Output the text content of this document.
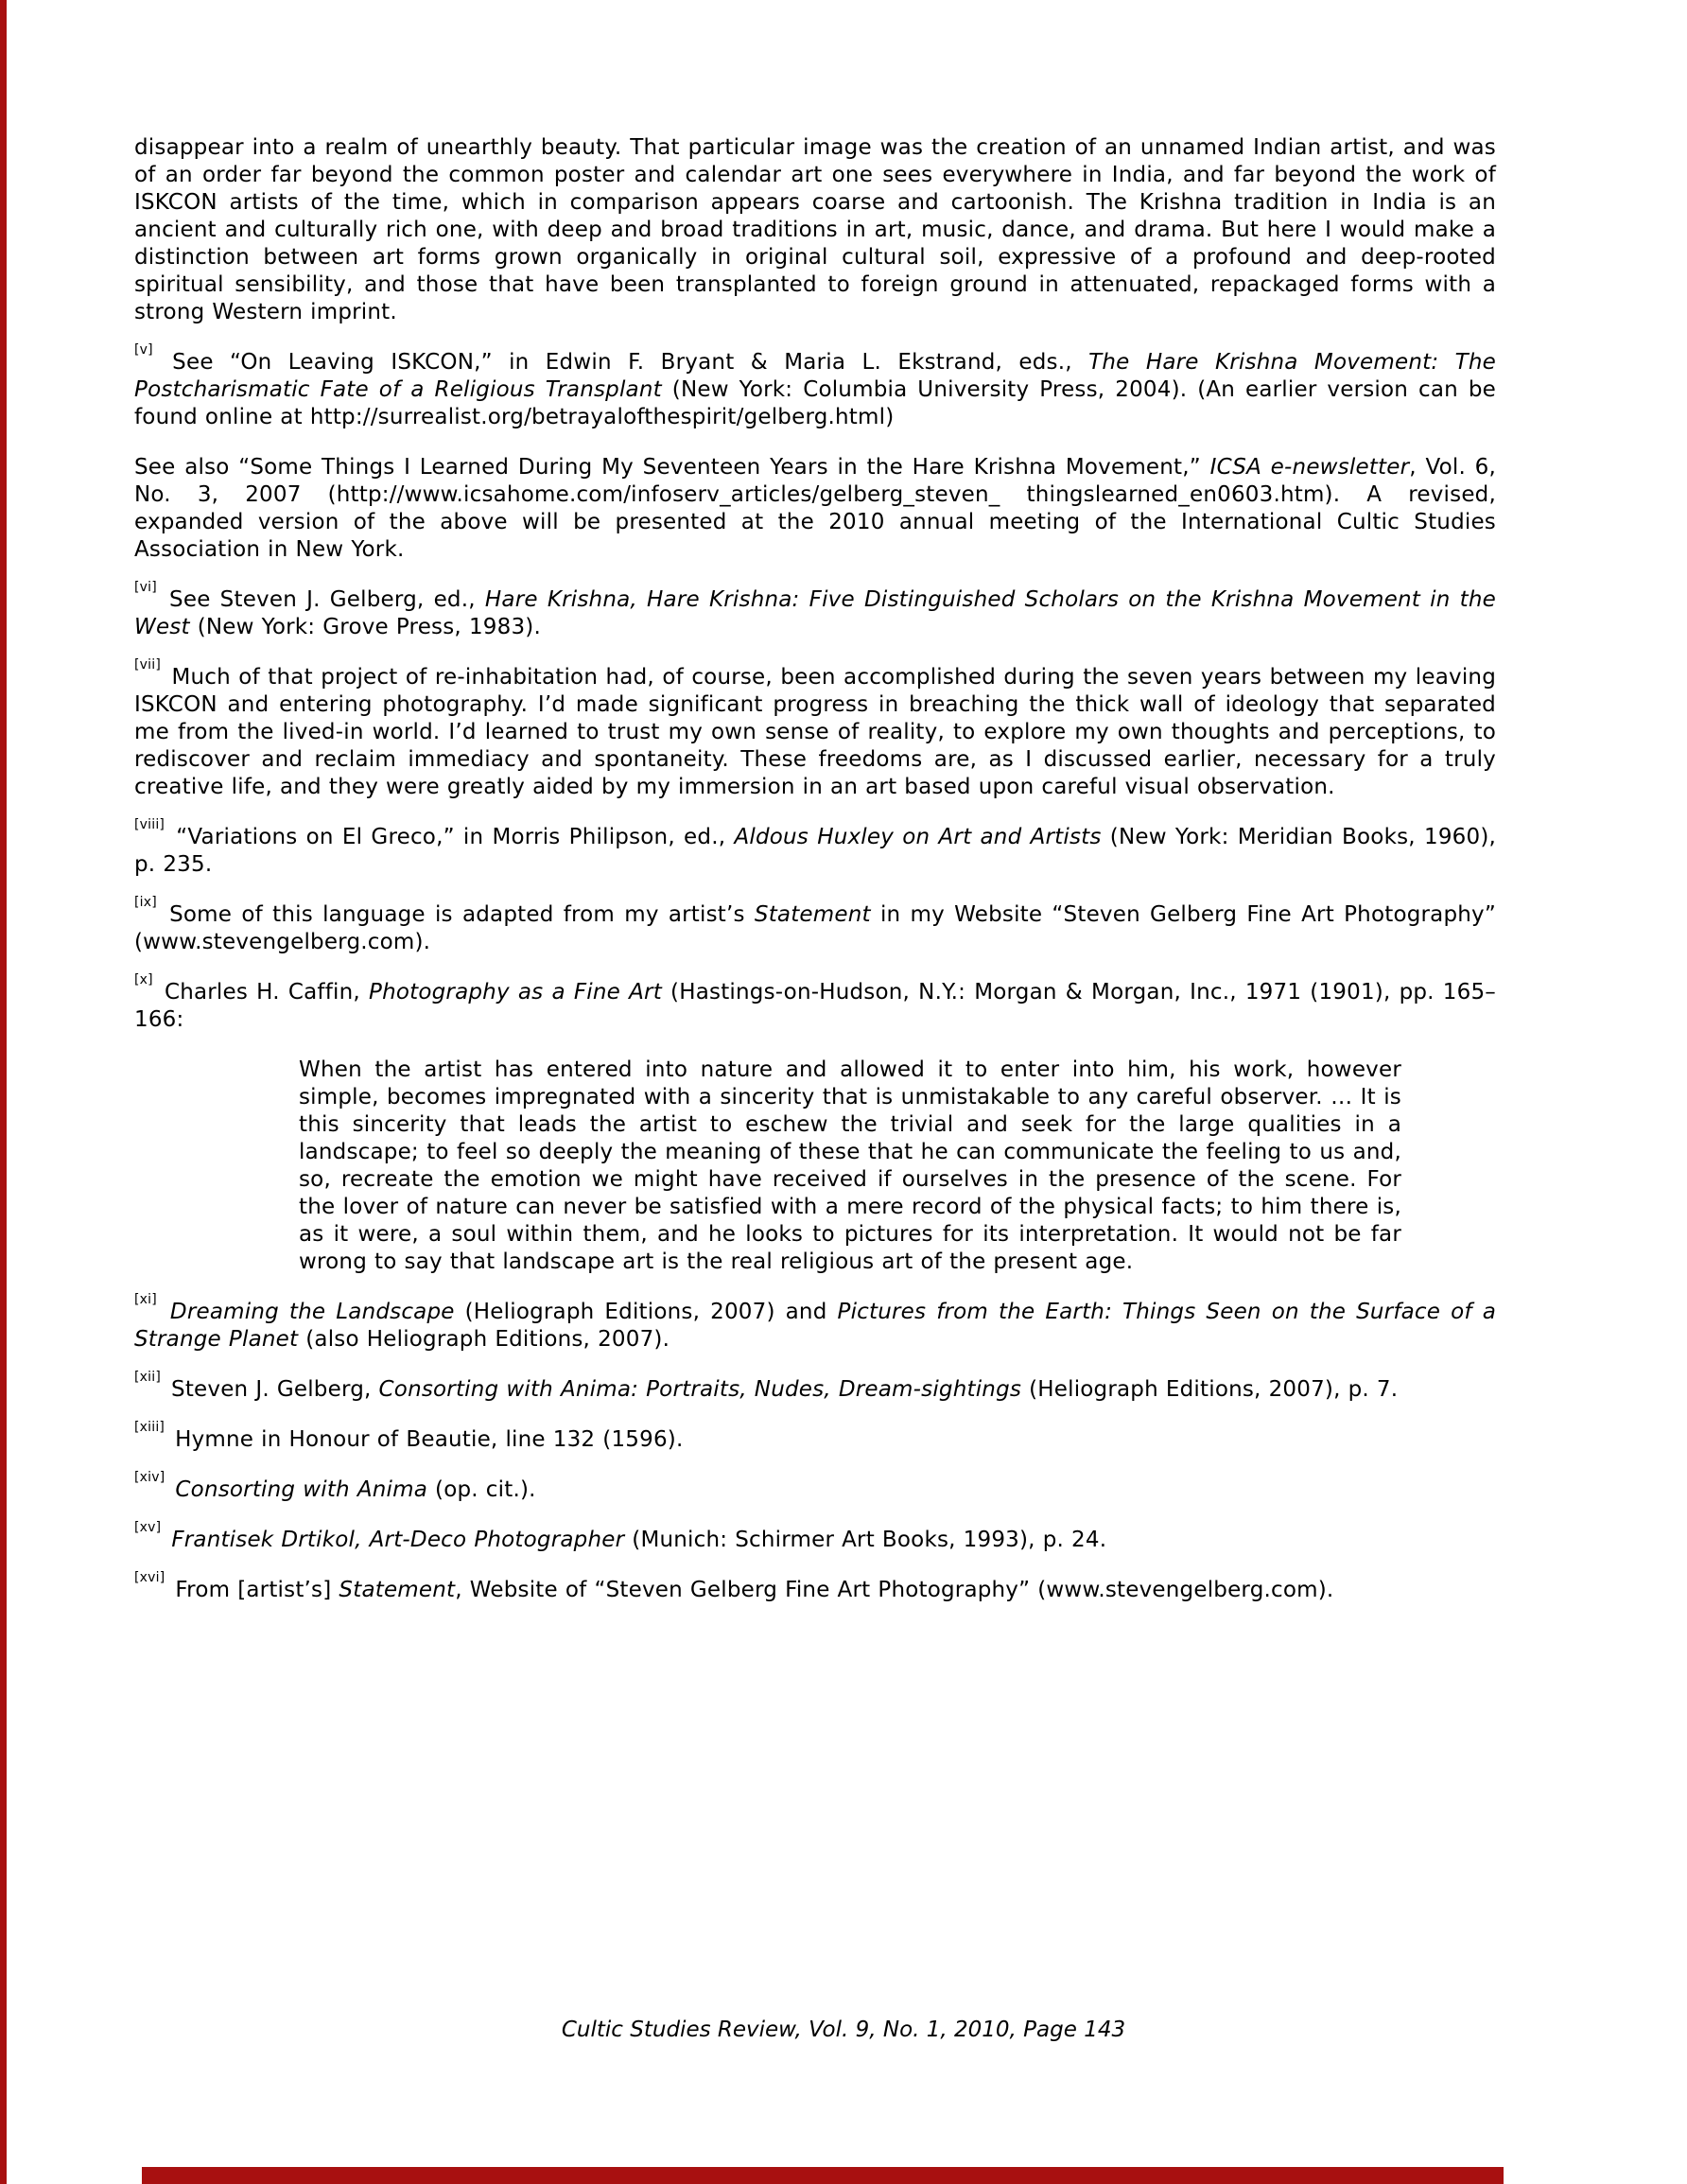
disappear into a realm of unearthly beauty. That particular image was the creation of an unnamed Indian artist, and was of an order far beyond the common poster and calendar art one sees everywhere in India, and far beyond the work of ISKCON artists of the time, which in comparison appears coarse and cartoonish. The Krishna tradition in India is an ancient and culturally rich one, with deep and broad traditions in art, music, dance, and drama. But here I would make a distinction between art forms grown organically in original cultural soil, expressive of a profound and deep-rooted spiritual sensibility, and those that have been transplanted to foreign ground in attenuated, repackaged forms with a strong Western imprint.

[v] See “On Leaving ISKCON,” in Edwin F. Bryant & Maria L. Ekstrand, eds., The Hare Krishna Movement: The Postcharismatic Fate of a Religious Transplant (New York: Columbia University Press, 2004). (An earlier version can be found online at http://surrealist.org/betrayalofthespirit/gelberg.html)

See also “Some Things I Learned During My Seventeen Years in the Hare Krishna Movement,” ICSA e-newsletter, Vol. 6, No. 3, 2007 (http://www.icsahome.com/infoserv_articles/gelberg_steven_ thingslearned_en0603.htm). A revised, expanded version of the above will be presented at the 2010 annual meeting of the International Cultic Studies Association in New York.

[vi] See Steven J. Gelberg, ed., Hare Krishna, Hare Krishna: Five Distinguished Scholars on the Krishna Movement in the West (New York: Grove Press, 1983).

[vii] Much of that project of re-inhabitation had, of course, been accomplished during the seven years between my leaving ISKCON and entering photography. I’d made significant progress in breaching the thick wall of ideology that separated me from the lived-in world. I’d learned to trust my own sense of reality, to explore my own thoughts and perceptions, to rediscover and reclaim immediacy and spontaneity. These freedoms are, as I discussed earlier, necessary for a truly creative life, and they were greatly aided by my immersion in an art based upon careful visual observation.

[viii] “Variations on El Greco,” in Morris Philipson, ed., Aldous Huxley on Art and Artists (New York: Meridian Books, 1960), p. 235.

[ix] Some of this language is adapted from my artist’s Statement in my Website “Steven Gelberg Fine Art Photography” (www.stevengelberg.com).

[x] Charles H. Caffin, Photography as a Fine Art (Hastings-on-Hudson, N.Y.: Morgan & Morgan, Inc., 1971 (1901), pp. 165–166:

When the artist has entered into nature and allowed it to enter into him, his work, however simple, becomes impregnated with a sincerity that is unmistakable to any careful observer. … It is this sincerity that leads the artist to eschew the trivial and seek for the large qualities in a landscape; to feel so deeply the meaning of these that he can communicate the feeling to us and, so, recreate the emotion we might have received if ourselves in the presence of the scene. For the lover of nature can never be satisfied with a mere record of the physical facts; to him there is, as it were, a soul within them, and he looks to pictures for its interpretation. It would not be far wrong to say that landscape art is the real religious art of the present age.

[xi] Dreaming the Landscape (Heliograph Editions, 2007) and Pictures from the Earth: Things Seen on the Surface of a Strange Planet (also Heliograph Editions, 2007).

[xii] Steven J. Gelberg, Consorting with Anima: Portraits, Nudes, Dream-sightings (Heliograph Editions, 2007), p. 7.

[xiii] Hymne in Honour of Beautie, line 132 (1596).

[xiv] Consorting with Anima (op. cit.).

[xv] Frantisek Drtikol, Art-Deco Photographer (Munich: Schirmer Art Books, 1993), p. 24.

[xvi] From [artist’s] Statement, Website of “Steven Gelberg Fine Art Photography” (www.stevengelberg.com).

Cultic Studies Review, Vol. 9, No. 1, 2010, Page 143
